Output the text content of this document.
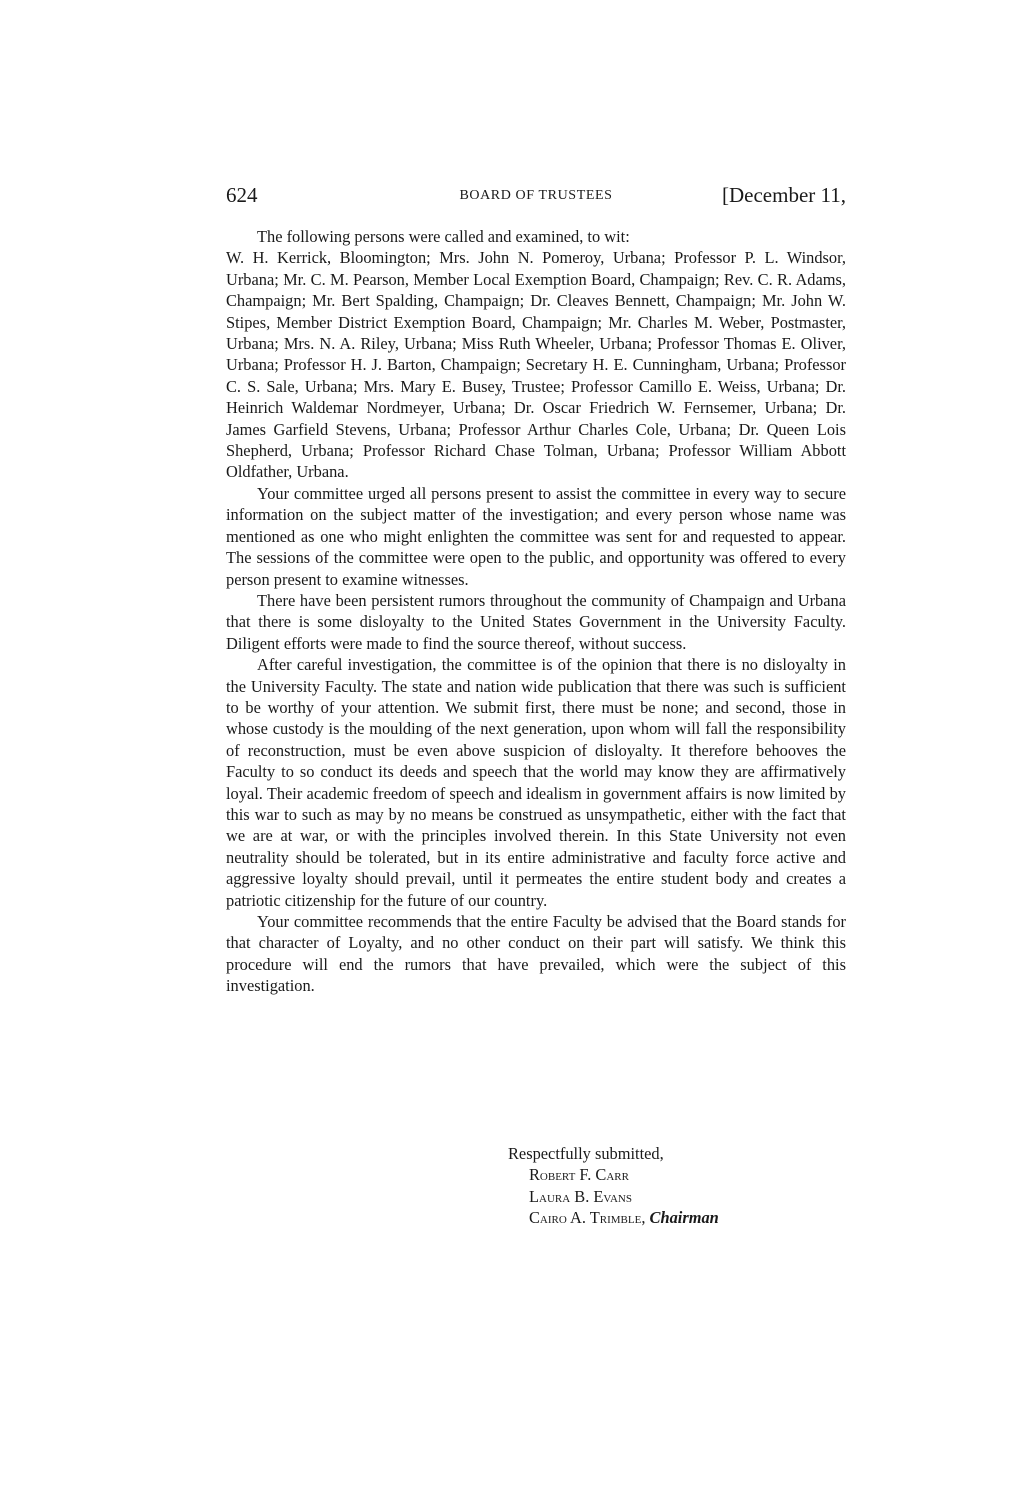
624	BOARD OF TRUSTEES	[December 11,

The following persons were called and examined, to wit:

W. H. Kerrick, Bloomington; Mrs. John N. Pomeroy, Urbana; Professor P. L. Windsor, Urbana; Mr. C. M. Pearson, Member Local Exemption Board, Champaign; Rev. C. R. Adams, Champaign; Mr. Bert Spalding, Champaign; Dr. Cleaves Bennett, Champaign; Mr. John W. Stipes, Member District Exemption Board, Champaign; Mr. Charles M. Weber, Postmaster, Urbana; Mrs. N. A. Riley, Urbana; Miss Ruth Wheeler, Urbana; Professor Thomas E. Oliver, Urbana; Professor H. J. Barton, Champaign; Secretary H. E. Cunningham, Urbana; Professor C. S. Sale, Urbana; Mrs. Mary E. Busey, Trustee; Professor Camillo E. Weiss, Urbana; Dr. Heinrich Waldemar Nordmeyer, Urbana; Dr. Oscar Friedrich W. Fernsemer, Urbana; Dr. James Garfield Stevens, Urbana; Professor Arthur Charles Cole, Urbana; Dr. Queen Lois Shepherd, Urbana; Professor Richard Chase Tolman, Urbana; Professor William Abbott Oldfather, Urbana.

Your committee urged all persons present to assist the committee in every way to secure information on the subject matter of the investigation; and every person whose name was mentioned as one who might enlighten the committee was sent for and requested to appear. The sessions of the committee were open to the public, and opportunity was offered to every person present to examine witnesses.

There have been persistent rumors throughout the community of Champaign and Urbana that there is some disloyalty to the United States Government in the University Faculty. Diligent efforts were made to find the source thereof, without success.

After careful investigation, the committee is of the opinion that there is no disloyalty in the University Faculty. The state and nation wide publication that there was such is sufficient to be worthy of your attention. We submit first, there must be none; and second, those in whose custody is the moulding of the next generation, upon whom will fall the responsibility of reconstruction, must be even above suspicion of disloyalty. It therefore behooves the Faculty to so conduct its deeds and speech that the world may know they are affirmatively loyal. Their academic freedom of speech and idealism in government affairs is now limited by this war to such as may by no means be construed as unsympathetic, either with the fact that we are at war, or with the principles involved therein. In this State University not even neutrality should be tolerated, but in its entire administrative and faculty force active and aggressive loyalty should prevail, until it permeates the entire student body and creates a patriotic citizenship for the future of our country.

Your committee recommends that the entire Faculty be advised that the Board stands for that character of Loyalty, and no other conduct on their part will satisfy. We think this procedure will end the rumors that have prevailed, which were the subject of this investigation.

Respectfully submitted,
Robert F. Carr
Laura B. Evans
Cairo A. Trimble, Chairman
